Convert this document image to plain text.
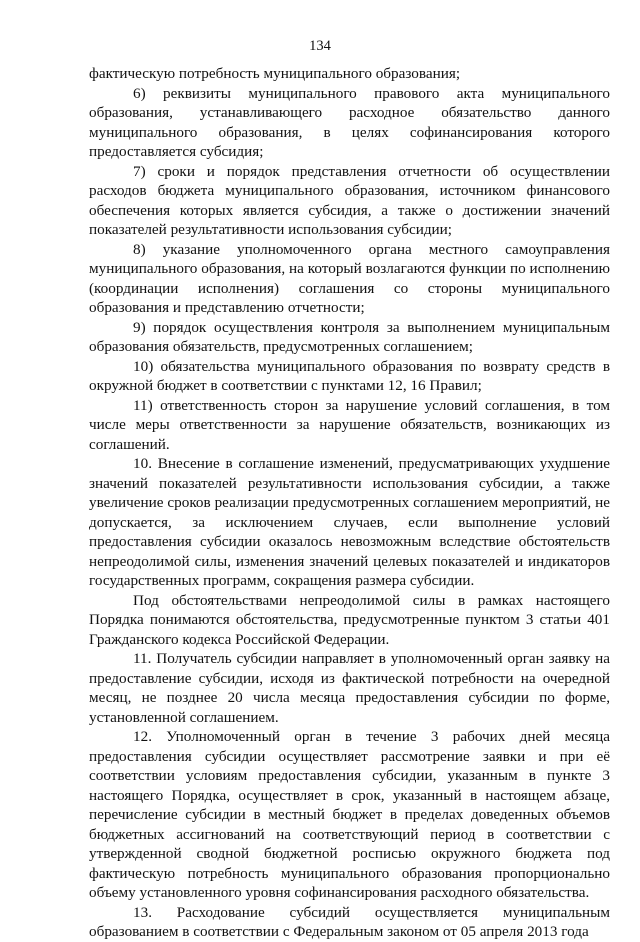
134

фактическую потребность муниципального образования;

6) реквизиты муниципального правового акта муниципального образования, устанавливающего расходное обязательство данного муниципального образования, в целях софинансирования которого предоставляется субсидия;

7) сроки и порядок представления отчетности об осуществлении расходов бюджета муниципального образования, источником финансового обеспечения которых является субсидия, а также о достижении значений показателей результативности использования субсидии;

8) указание уполномоченного органа местного самоуправления муниципального образования, на который возлагаются функции по исполнению (координации исполнения) соглашения со стороны муниципального образования и представлению отчетности;

9) порядок осуществления контроля за выполнением муниципальным образования обязательств, предусмотренных соглашением;

10) обязательства муниципального образования по возврату средств в окружной бюджет в соответствии с пунктами 12, 16 Правил;

11) ответственность сторон за нарушение условий соглашения, в том числе меры ответственности за нарушение обязательств, возникающих из соглашений.

10. Внесение в соглашение изменений, предусматривающих ухудшение значений показателей результативности использования субсидии, а также увеличение сроков реализации предусмотренных соглашением мероприятий, не допускается, за исключением случаев, если выполнение условий предоставления субсидии оказалось невозможным вследствие обстоятельств непреодолимой силы, изменения значений целевых показателей и индикаторов государственных программ, сокращения размера субсидии.

Под обстоятельствами непреодолимой силы в рамках настоящего Порядка понимаются обстоятельства, предусмотренные пунктом 3 статьи 401 Гражданского кодекса Российской Федерации.

11. Получатель субсидии направляет в уполномоченный орган заявку на предоставление субсидии, исходя из фактической потребности на очередной месяц, не позднее 20 числа месяца предоставления субсидии по форме, установленной соглашением.

12. Уполномоченный орган в течение 3 рабочих дней месяца предоставления субсидии осуществляет рассмотрение заявки и при её соответствии условиям предоставления субсидии, указанным в пункте 3 настоящего Порядка, осуществляет в срок, указанный в настоящем абзаце, перечисление субсидии в местный бюджет в пределах доведенных объемов бюджетных ассигнований на соответствующий период в соответствии с утвержденной сводной бюджетной росписью окружного бюджета под фактическую потребность муниципального образования пропорционально объему установленного уровня софинансирования расходного обязательства.

13. Расходование субсидий осуществляется муниципальным образованием в соответствии с Федеральным законом от 05 апреля 2013 года
